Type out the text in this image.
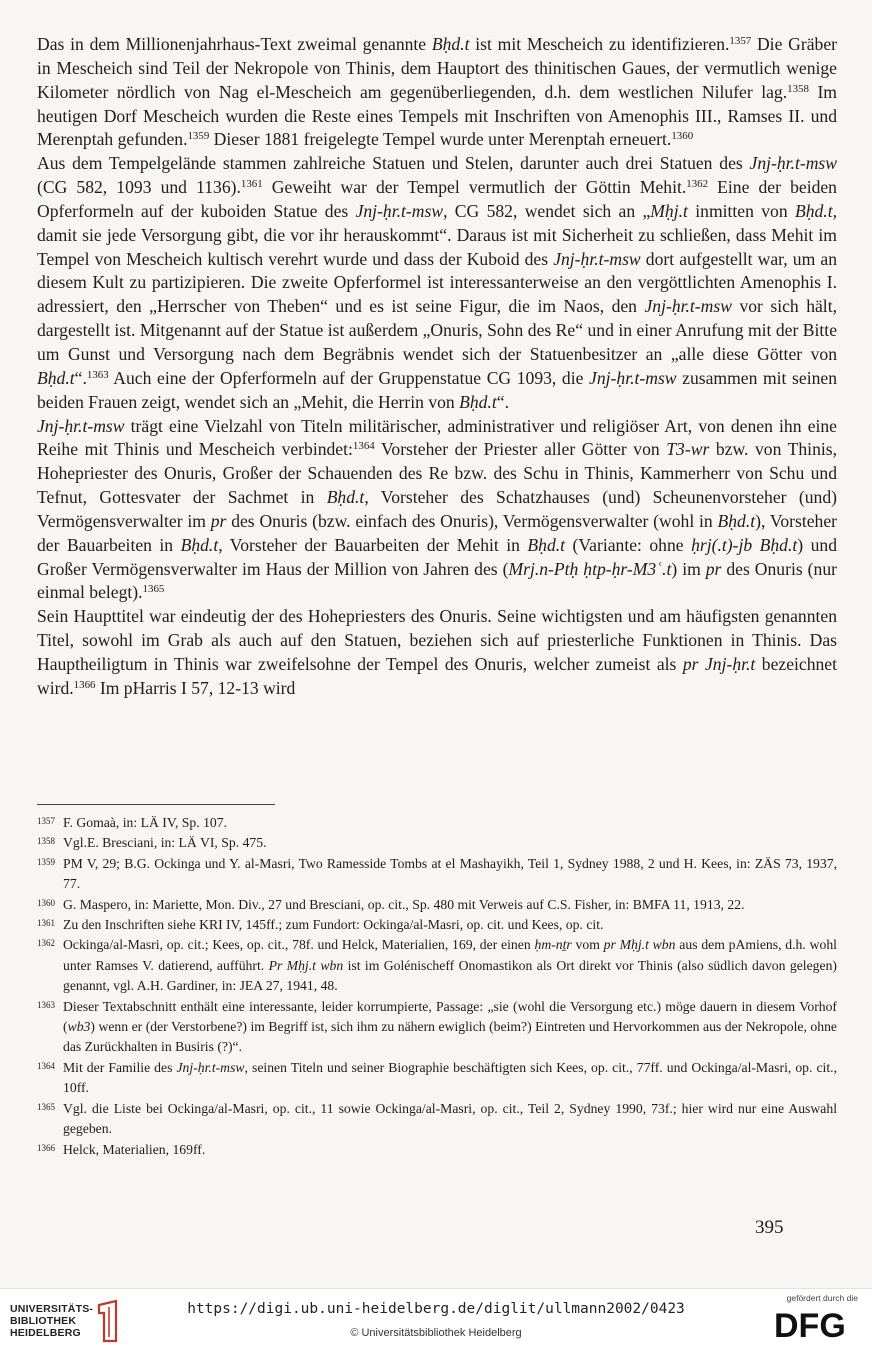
Das in dem Millionenjahrhaus-Text zweimal genannte Bḥd.t ist mit Mescheich zu identifizieren.$^{1357}$ Die Gräber in Mescheich sind Teil der Nekropole von Thinis, dem Hauptort des thinitischen Gaues, der vermutlich wenige Kilometer nördlich von Nag el-Mescheich am gegenüberliegenden, d.h. dem westlichen Nilufer lag.$^{1358}$ Im heutigen Dorf Mescheich wurden die Reste eines Tempels mit Inschriften von Amenophis III., Ramses II. und Merenptah gefunden.$^{1359}$ Dieser 1881 freigelegte Tempel wurde unter Merenptah erneuert.$^{1360}$

Aus dem Tempelgelände stammen zahlreiche Statuen und Stelen, darunter auch drei Statuen des Jnj-ḥr.t-msw (CG 582, 1093 und 1136).$^{1361}$ Geweiht war der Tempel vermutlich der Göttin Mehit.$^{1362}$ Eine der beiden Opferformeln auf der kuboiden Statue des Jnj-ḥr.t-msw, CG 582, wendet sich an „Mḥj.t inmitten von Bḥd.t, damit sie jede Versorgung gibt, die vor ihr herauskommt“. Daraus ist mit Sicherheit zu schließen, dass Mehit im Tempel von Mescheich kultisch verehrt wurde und dass der Kuboid des Jnj-ḥr.t-msw dort aufgestellt war, um an diesem Kult zu partizipieren. Die zweite Opferformel ist interessanterweise an den vergöttlichten Amenophis I. adressiert, den „Herrscher von Theben“ und es ist seine Figur, die im Naos, den Jnj-ḥr.t-msw vor sich hält, dargestellt ist. Mitgenannt auf der Statue ist außerdem „Onuris, Sohn des Re“ und in einer Anrufung mit der Bitte um Gunst und Versorgung nach dem Begräbnis wendet sich der Statuenbesitzer an „alle diese Götter von Bḥd.t“.$^{1363}$ Auch eine der Opferformeln auf der Gruppenstatue CG 1093, die Jnj-ḥr.t-msw zusammen mit seinen beiden Frauen zeigt, wendet sich an „Mehit, die Herrin von Bḥd.t“.

Jnj-ḥr.t-msw trägt eine Vielzahl von Titeln militärischer, administrativer und religiöser Art, von denen ihn eine Reihe mit Thinis und Mescheich verbindet:$^{1364}$ Vorsteher der Priester aller Götter von T3-wr bzw. von Thinis, Hohepriester des Onuris, Großer der Schauenden des Re bzw. des Schu in Thinis, Kammerherr von Schu und Tefnut, Gottesvater der Sachmet in Bḥd.t, Vorsteher des Schatzhauses (und) Scheunenvorsteher (und) Vermögensverwalter im pr des Onuris (bzw. einfach des Onuris), Vermögensverwalter (wohl in Bḥd.t), Vorsteher der Bauarbeiten in Bḥd.t, Vorsteher der Bauarbeiten der Mehit in Bḥd.t (Variante: ohne ḥrj(.t)-jb Bḥd.t) und Großer Vermögensverwalter im Haus der Million von Jahren des (Mrj.n-Ptḥ ḥtp-ḥr-M3ʿ.t) im pr des Onuris (nur einmal belegt).$^{1365}$

Sein Haupttitel war eindeutig der des Hohepriesters des Onuris. Seine wichtigsten und am häufigsten genannten Titel, sowohl im Grab als auch auf den Statuen, beziehen sich auf priesterliche Funktionen in Thinis. Das Hauptheiligtum in Thinis war zweifelsohne der Tempel des Onuris, welcher zumeist als pr Jnj-ḥr.t bezeichnet wird.$^{1366}$ Im pHarris I 57, 12-13 wird

1357 F. Gomaà, in: LÄ IV, Sp. 107.
1358 Vgl.E. Bresciani, in: LÄ VI, Sp. 475.
1359 PM V, 29; B.G. Ockinga und Y. al-Masri, Two Ramesside Tombs at el Mashayikh, Teil 1, Sydney 1988, 2 und H. Kees, in: ZÄS 73, 1937, 77.
1360 G. Maspero, in: Mariette, Mon. Div., 27 und Bresciani, op. cit., Sp. 480 mit Verweis auf C.S. Fisher, in: BMFA 11, 1913, 22.
1361 Zu den Inschriften siehe KRI IV, 145ff.; zum Fundort: Ockinga/al-Masri, op. cit. und Kees, op. cit.
1362 Ockinga/al-Masri, op. cit.; Kees, op. cit., 78f. und Helck, Materialien, 169, der einen ḥm-nṯr vom pr Mḥj.t wbn aus dem pAmiens, d.h. wohl unter Ramses V. datierend, aufführt. Pr Mḥj.t wbn ist im Golénischeff Onomastikon als Ort direkt vor Thinis (also südlich davon gelegen) genannt, vgl. A.H. Gardiner, in: JEA 27, 1941, 48.
1363 Dieser Textabschnitt enthält eine interessante, leider korrumpierte, Passage: „sie (wohl die Versorgung etc.) möge dauern in diesem Vorhof (wb3) wenn er (der Verstorbene?) im Begriff ist, sich ihm zu nähern ewiglich (beim?) Eintreten und Hervorkommen aus der Nekropole, ohne das Zurückhalten in Busiris (?)“.
1364 Mit der Familie des Jnj-ḥr.t-msw, seinen Titeln und seiner Biographie beschäftigten sich Kees, op. cit., 77ff. und Ockinga/al-Masri, op. cit., 10ff.
1365 Vgl. die Liste bei Ockinga/al-Masri, op. cit., 11 sowie Ockinga/al-Masri, op. cit., Teil 2, Sydney 1990, 73f.; hier wird nur eine Auswahl gegeben.
1366 Helck, Materialien, 169ff.
395
UNIVERSITÄTS-
BIBLIOTHEK
HEIDELBERG
https://digi.ub.uni-heidelberg.de/diglit/ullmann2002/0423
© Universitätsbibliothek Heidelberg
gefördert durch die
DFG
